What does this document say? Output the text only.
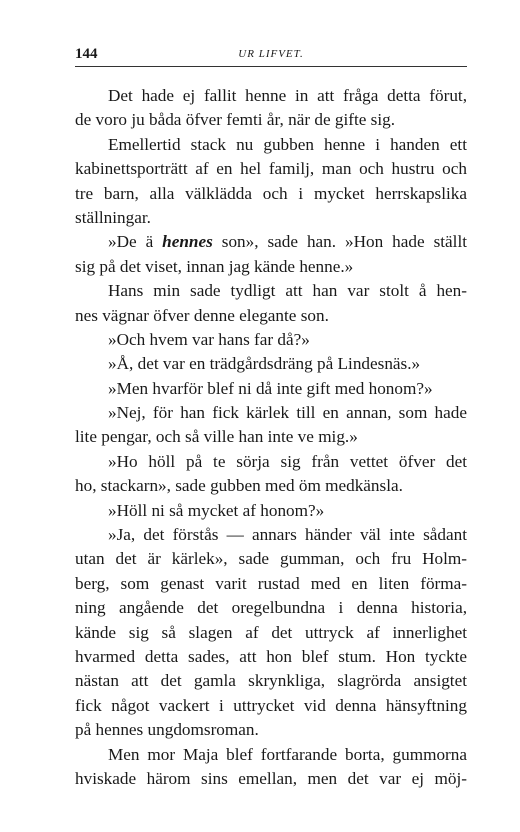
144	UR LIFVET.
Det hade ej fallit henne in att fråga detta förut,
de voro ju båda öfver femti år, när de gifte sig.
Emellertid stack nu gubben henne i handen ett
kabinettsporträtt af en hel familj, man och hustru och
tre barn, alla välklädda och i mycket herrskapslika
ställningar.
»De ä hennes son», sade han. »Hon hade ställt
sig på det viset, innan jag kände henne.»
Hans min sade tydligt att han var stolt å hen-
nes vägnar öfver denne elegante son.
»Och hvem var hans far då?»
»Å, det var en trädgårdsdräng på Lindesnäs.»
»Men hvarför blef ni då inte gift med honom?»
»Nej, för han fick kärlek till en annan, som hade
lite pengar, och så ville han inte ve mig.»
»Ho höll på te sörja sig från vettet öfver det
ho, stackarn», sade gubben med öm medkänsla.
»Höll ni så mycket af honom?»
»Ja, det förstås — annars händer väl inte sådant
utan det är kärlek», sade gumman, och fru Holm-
berg, som genast varit rustad med en liten förma-
ning angående det oregelbundna i denna historia,
kände sig så slagen af det uttryck af innerlighet
hvarmed detta sades, att hon blef stum. Hon tyckte
nästan att det gamla skrynkliga, slagrörda ansigtet
fick något vackert i uttrycket vid denna hänsyftning
på hennes ungdomsroman.
Men mor Maja blef fortfarande borta, gummorna
hviskade härom sins emellan, men det var ej möj-
